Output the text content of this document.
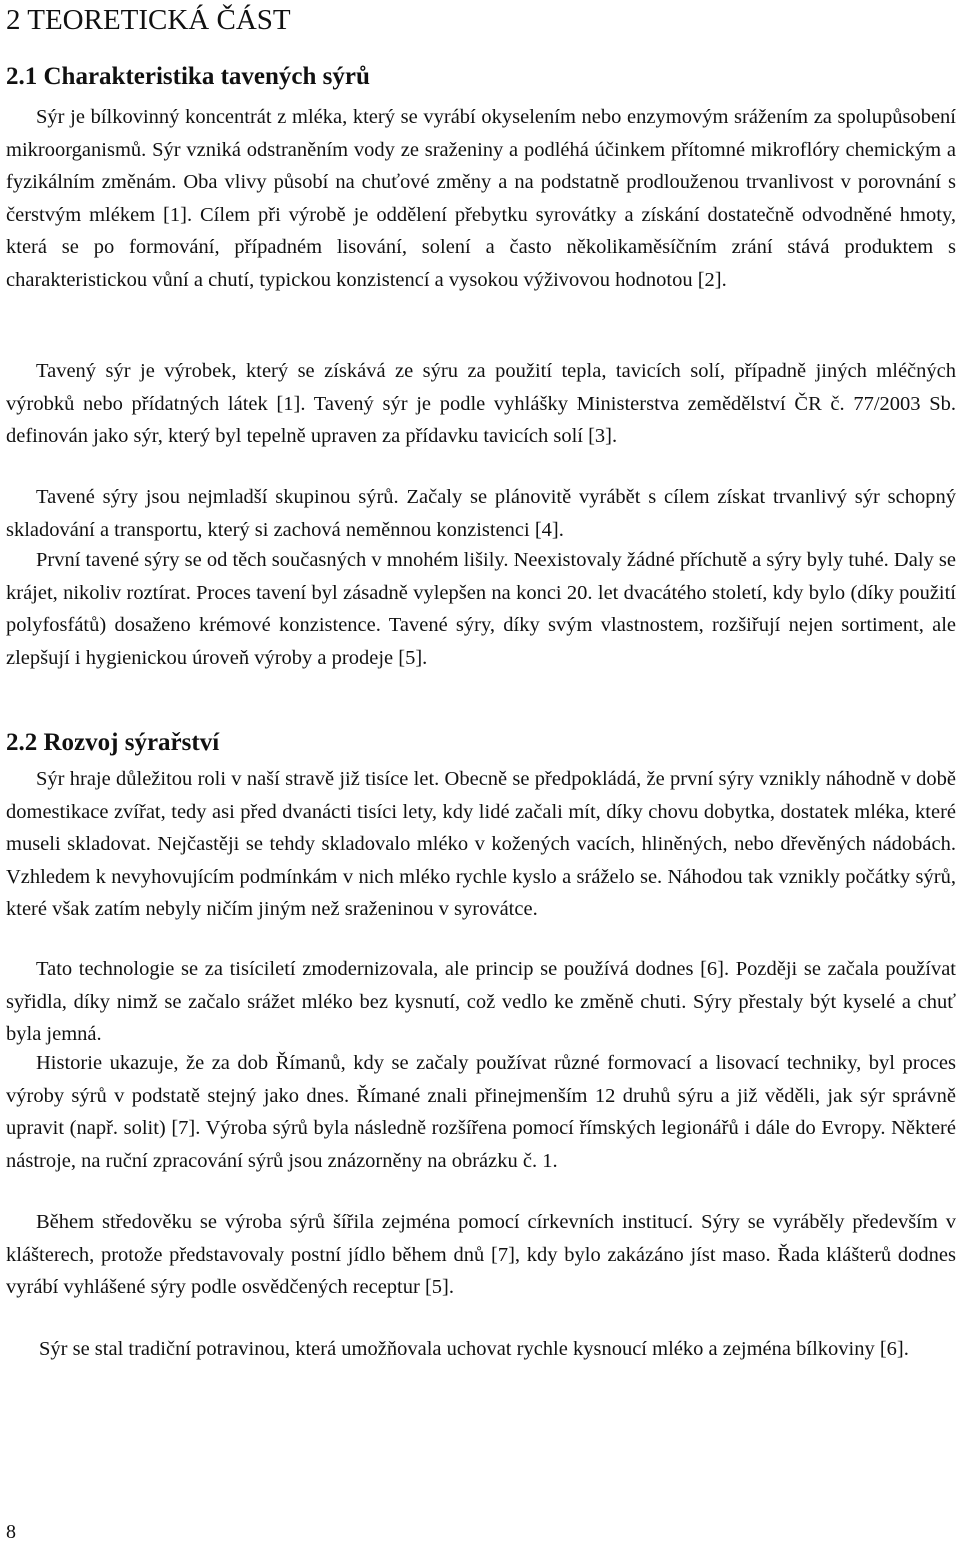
2 TEORETICKÁ ČÁST
2.1 Charakteristika tavených sýrů

Sýr je bílkovinný koncentrát z mléka, který se vyrábí okyselením nebo enzymovým srážením za spolupůsobení mikroorganismů. Sýr vzniká odstraněním vody ze sraženiny a podléhá účinkem přítomné mikroflóry chemickým a fyzikálním změnám. Oba vlivy působí na chuťové změny a na podstatně prodlouženou trvanlivost v porovnání s čerstvým mlékem [1]. Cílem při výrobě je oddělení přebytku syrovátky a získání dostatečně odvodněné hmoty, která se po formování, případném lisování, solení a často několikaměsíčním zrání stává produktem s charakteristickou vůní a chutí, typickou konzistencí a vysokou výživovou hodnotou [2].

Tavený sýr je výrobek, který se získává ze sýru za použití tepla, tavicích solí, případně jiných mléčných výrobků nebo přídatných látek [1]. Tavený sýr je podle vyhlášky Ministerstva zemědělství ČR č. 77/2003 Sb. definován jako sýr, který byl tepelně upraven za přídavku tavicích solí [3].

Tavené sýry jsou nejmladší skupinou sýrů. Začaly se plánovitě vyrábět s cílem získat trvanlivý sýr schopný skladování a transportu, který si zachová neměnnou konzistenci [4].

První tavené sýry se od těch současných v mnohém lišily. Neexistovaly žádné příchutě a sýry byly tuhé. Daly se krájet, nikoliv roztírat. Proces tavení byl zásadně vylepšen na konci 20. let dvacátého století, kdy bylo (díky použití polyfosfátů) dosaženo krémové konzistence. Tavené sýry, díky svým vlastnostem, rozšiřují nejen sortiment, ale zlepšují i hygienickou úroveň výroby a prodeje [5].

2.2 Rozvoj sýrařství

Sýr hraje důležitou roli v naší stravě již tisíce let. Obecně se předpokládá, že první sýry vznikly náhodně v době domestikace zvířat, tedy asi před dvanácti tisíci lety, kdy lidé začali mít, díky chovu dobytka, dostatek mléka, které museli skladovat. Nejčastěji se tehdy skladovalo mléko v kožených vacích, hliněných, nebo dřevěných nádobách. Vzhledem k nevyhovujícím podmínkám v nich mléko rychle kyslo a sráželo se. Náhodou tak vznikly počátky sýrů, které však zatím nebyly ničím jiným než sraženinou v syrovátce.

Tato technologie se za tisíciletí zmodernizovala, ale princip se používá dodnes [6]. Později se začala používat syřidla, díky nimž se začalo srážet mléko bez kysnutí, což vedlo ke změně chuti. Sýry přestaly být kyselé a chuť byla jemná.

Historie ukazuje, že za dob Římanů, kdy se začaly používat různé formovací a lisovací techniky, byl proces výroby sýrů v podstatě stejný jako dnes. Římané znali přinejmenším 12 druhů sýru a již věděli, jak sýr správně upravit (např. solit) [7]. Výroba sýrů byla následně rozšířena pomocí římských legionářů i dále do Evropy. Některé nástroje, na ruční zpracování sýrů jsou znázorněny na obrázku č. 1.

Během středověku se výroba sýrů šířila zejména pomocí církevních institucí. Sýry se vyráběly především v klášterech, protože představovaly postní jídlo během dnů [7], kdy bylo zakázáno jíst maso. Řada klášterů dodnes vyrábí vyhlášené sýry podle osvědčených receptur [5].

Sýr se stal tradiční potravinou, která umožňovala uchovat rychle kysnoucí mléko a zejména bílkoviny [6].

8
